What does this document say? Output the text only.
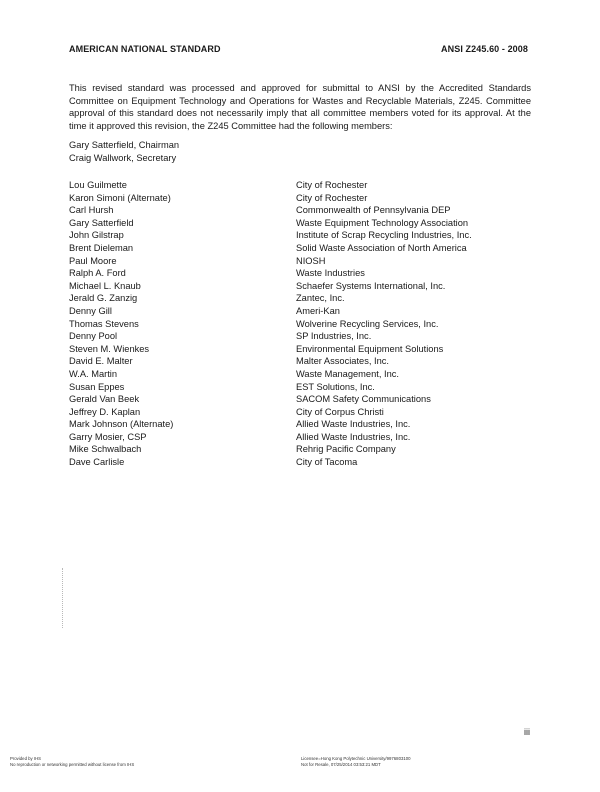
AMERICAN NATIONAL STANDARD	ANSI Z245.60 - 2008

This revised standard was processed and approved for submittal to ANSI by the Accredited Standards Committee on Equipment Technology and Operations for Wastes and Recyclable Materials, Z245. Committee approval of this standard does not necessarily imply that all committee members voted for its approval. At the time it approved this revision, the Z245 Committee had the following members:

Gary Satterfield, Chairman
Craig Wallwork, Secretary
Lou Guilmette	City of Rochester
Karon Simoni (Alternate)	City of Rochester
Carl Hursh	Commonwealth of Pennsylvania DEP
Gary Satterfield	Waste Equipment Technology Association
John Gilstrap	Institute of Scrap Recycling Industries, Inc.
Brent Dieleman	Solid Waste Association of North America
Paul Moore	NIOSH
Ralph A. Ford	Waste Industries
Michael L. Knaub	Schaefer Systems International, Inc.
Jerald G. Zanzig	Zantec, Inc.
Denny Gill	Ameri-Kan
Thomas Stevens	Wolverine Recycling Services, Inc.
Denny Pool	SP Industries, Inc.
Steven M. Wienkes	Environmental Equipment Solutions
David E. Malter	Malter Associates, Inc.
W.A. Martin	Waste Management, Inc.
Susan Eppes	EST Solutions, Inc.
Gerald Van Beek	SACOM Safety Communications
Jeffrey D. Kaplan	City of Corpus Christi
Mark Johnson (Alternate)	Allied Waste Industries, Inc.
Garry Mosier, CSP	Allied Waste Industries, Inc.
Mike Schwalbach	Rehrig Pacific Company
Dave Carlisle	City of Tacoma
iii
Provided by IHS
No reproduction or networking permitted without license from IHS
Licensee=Hong Kong Polytechnic University/9976803100
Not for Resale, 07/25/2014 03:53:21 MDT
